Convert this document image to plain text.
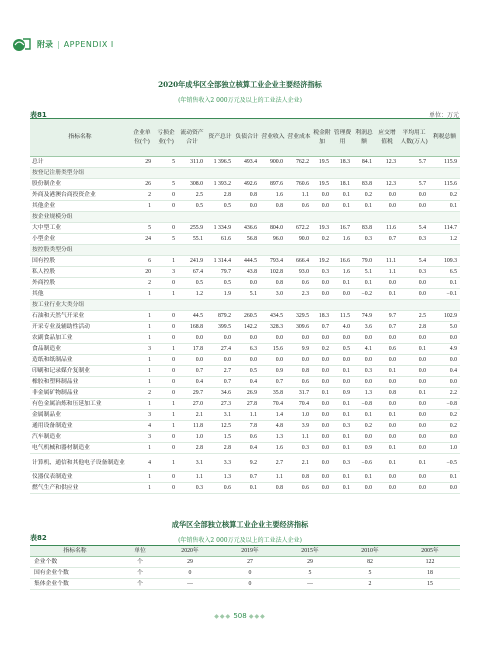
附录 | APPENDIX I
2020年成华区全部独立核算工业企业主要经济指标
(年销售收入2 000万元及以上的工业法人企业)
表81	单位：万元
指标名称	企业单位(个)	亏损企业(个)	流动资产合计	资产总计	负债合计	营业收入	营业成本	税金附加	管理费用	利润总额	应交增值税	平均用工人数(万人)	利税总额
总计	29	5	311.0	1 396.5	493.4	900.0	762.2	19.5	18.3	84.1	12.3	5.7	115.9
按登记注册类型分组													
股份制企业	26	5	308.0	1 393.2	492.6	897.6	760.6	19.5	18.1	83.8	12.3	5.7	115.6
外商及港澳台商投资企业	2	0	2.5	2.8	0.8	1.6	1.1	0.0	0.1	0.2	0.0	0.0	0.2
其他企业	1	0	0.5	0.5	0.0	0.8	0.6	0.0	0.1	0.1	0.0	0.0	0.1
按企业规模分组													
大中型工业	5	0	255.9	1 334.9	436.6	804.0	672.2	19.3	16.7	83.8	11.6	5.4	114.7
小型企业	24	5	55.1	61.6	56.8	96.0	90.0	0.2	1.6	0.3	0.7	0.3	1.2
按控股类型分组													
国有控股	6	1	241.9	1 314.4	444.5	793.4	666.4	19.2	16.6	79.0	11.1	5.4	109.3
私人控股	20	3	67.4	79.7	43.8	102.8	93.0	0.3	1.6	5.1	1.1	0.3	6.5
外商控股	2	0	0.5	0.5	0.0	0.8	0.6	0.0	0.1	0.1	0.0	0.0	0.1
其他	1	1	1.2	1.9	5.1	3.0	2.3	0.0	0.0	−0.2	0.1	0.0	−0.1
按工业行业大类分组													
石油和天然气开采业	1	0	44.5	879.2	260.5	434.5	329.5	18.3	11.5	74.9	9.7	2.5	102.9
开采专业及辅助性活动	1	0	168.8	399.5	142.2	328.3	309.6	0.7	4.0	3.6	0.7	2.8	5.0
农副食品加工业	1	0	0.0	0.0	0.0	0.0	0.0	0.0	0.0	0.0	0.0	0.0	0.0
食品制造业	3	1	17.8	27.4	6.3	15.6	9.9	0.2	0.5	4.1	0.6	0.1	4.9
造纸和纸制品业	1	0	0.0	0.0	0.0	0.0	0.0	0.0	0.0	0.0	0.0	0.0	0.0
印刷和记录媒介复制业	1	0	0.7	2.7	0.5	0.9	0.8	0.0	0.1	0.3	0.1	0.0	0.4
橡胶和塑料制品业	1	0	0.4	0.7	0.4	0.7	0.6	0.0	0.0	0.0	0.0	0.0	0.0
非金属矿物制品业	2	0	29.7	34.6	26.9	35.8	31.7	0.1	0.9	1.3	0.8	0.1	2.2
有色金属冶炼和压延加工业	1	1	27.0	27.3	27.8	70.4	70.4	0.0	0.1	−0.8	0.0	0.0	−0.8
金属制品业	3	1	2.1	3.1	1.1	1.4	1.0	0.0	0.1	0.1	0.1	0.0	0.2
通用设备制造业	4	1	11.8	12.5	7.8	4.8	3.9	0.0	0.3	0.2	0.0	0.0	0.2
汽车制造业	3	0	1.0	1.5	0.6	1.3	1.1	0.0	0.1	0.0	0.0	0.0	0.0
电气机械和器材制造业	1	0	2.8	2.8	0.4	1.6	0.3	0.0	0.1	0.9	0.1	0.0	1.0
计算机、通信和其他电子设备制造业	4	1	3.1	3.3	9.2	2.7	2.1	0.0	0.3	−0.6	0.1	0.1	−0.5
仪器仪表制造业	1	0	1.1	1.3	0.7	1.1	0.8	0.0	0.1	0.1	0.0	0.0	0.1
燃气生产和供应业	1	0	0.3	0.6	0.1	0.8	0.6	0.0	0.1	0.0	0.0	0.0	0.0
成华区全部独立核算工业企业主要经济指标
表82	(年销售收入2 000万元及以上的工业法人企业)
指标名称	单位	2020年	2019年	2015年	2010年	2005年
企业个数	个	29	27	29	82	122
国有企业个数	个	0	0	5	5	18
集体企业个数	个	—	0	—	2	15
◆◆◆ 508 ◆◆◆
